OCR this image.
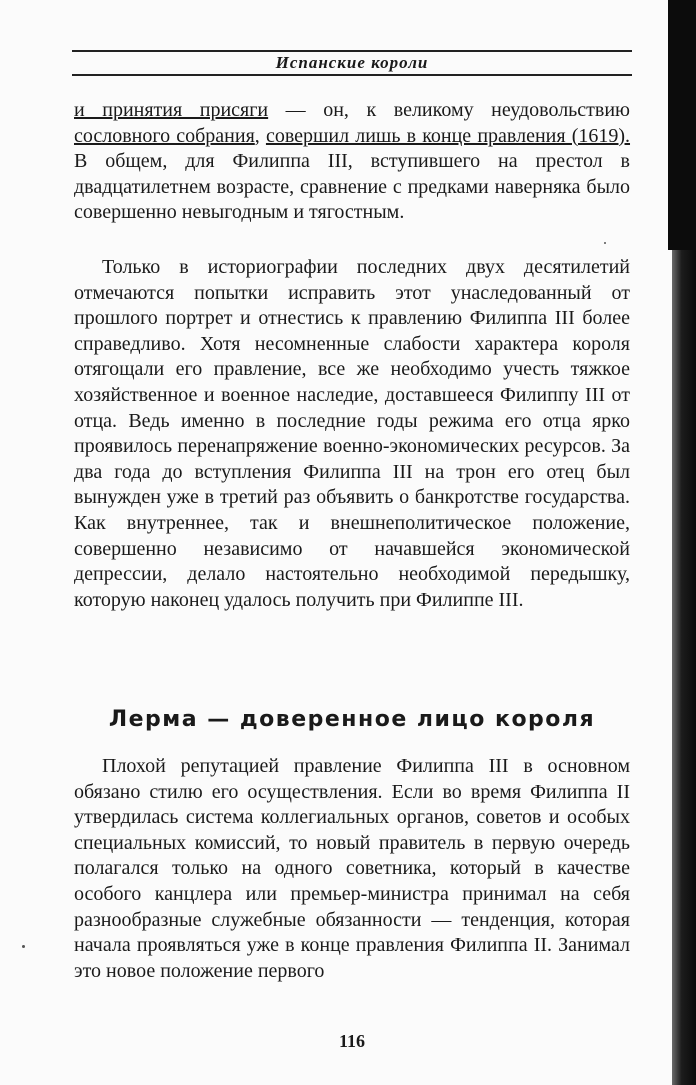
Испанские короли

и принятия присяги — он, к великому неудовольствию сословного собрания, совершил лишь в конце правления (1619). В общем, для Филиппа III, вступившего на престол в двадцатилетнем возрасте, сравнение с предками наверняка было совершенно невыгодным и тягостным.

Только в историографии последних двух десятилетий отмечаются попытки исправить этот унаследованный от прошлого портрет и отнестись к правлению Филиппа III более справедливо. Хотя несомненные слабости характера короля отягощали его правление, все же необходимо учесть тяжкое хозяйственное и военное наследие, доставшееся Филиппу III от отца. Ведь именно в последние годы режима его отца ярко проявилось перенапряжение военно-экономических ресурсов. За два года до вступления Филиппа III на трон его отец был вынужден уже в третий раз объявить о банкротстве государства. Как внутреннее, так и внешнеполитическое положение, совершенно независимо от начавшейся экономической депрессии, делало настоятельно необходимой передышку, которую наконец удалось получить при Филиппе III.

Лерма — доверенное лицо короля

Плохой репутацией правление Филиппа III в основном обязано стилю его осуществления. Если во время Филиппа II утвердилась система коллегиальных органов, советов и особых специальных комиссий, то новый правитель в первую очередь полагался только на одного советника, который в качестве особого канцлера или премьер-министра принимал на себя разнообразные служебные обязанности — тенденция, которая начала проявляться уже в конце правления Филиппа II. Занимал это новое положение первого

116
